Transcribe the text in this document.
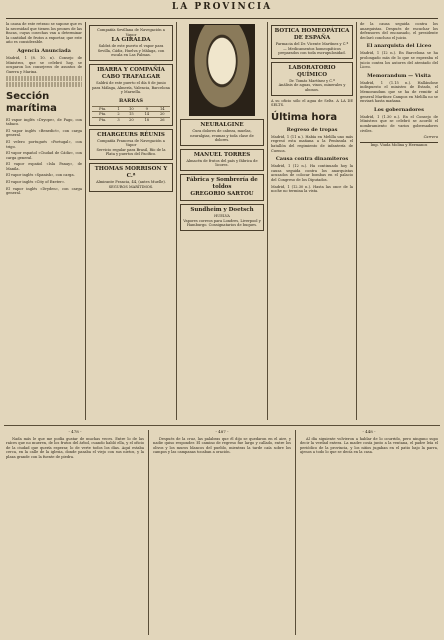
LA PROVINCIA

la causa de este retraso se supone que es la necesidad que tienen los peones de las fincas, cuyas cosechas van a determinar la cantidad de frutos a exportar, que este año es considerable.

Agencia Anunciada

Madrid, 1 (8. 10. n). Consejo de Ministros, que se celebró hoy, se ocuparon los consejeros de asuntos de Guerra y Marina.

Sección marítima

El vapor inglés «Dryope», de Pago, con tabaco.

El vapor inglés «Benedict», con carga general.

El velero portugués «Portugal», con trigo.

El vapor español «Ciudad de Cádiz», con carga general.

El vapor español «Isla Panay», de Manila.

El vapor inglés «Spanish», con carga.

El vapor inglés «City of Exeter».

El vapor inglés «Dryden», con carga general.

Compañía Sevillana de Navegación a Vapor
LA GIRALDA
Saldrá de este puerto el vapor para Sevilla, Cádiz, Huelva y Málaga, con escala en Las Palmas.
IBARRA Y COMPAÑÍA
CABO TRAFALGAR
Saldrá de este puerto el día 8 de junio para Málaga, Almería, Valencia, Barcelona y Marsella.
BARRAS
Pta.	1	10	9	14
Pta.	2	15	14	20
Pta.	3	20	18	26
CHARGEURS RÉUNIS
Compañía Francesa de Navegación a Vapor
Servicio regular para Brasil, Río de la Plata y puertos del Pacífico.
THOMAS MORRISON Y C.ª
Almirante Francia, 44, (antes Muelle). SEGUROS MARÍTIMOS.
NEURALGINE
Cura dolores de cabeza, muelas, neuralgias, reumas y toda clase de dolores.
MANUEL TORRES
Almacén de frutos del país y fábrica de licores.
Fábrica y Sombrería de toldos
GREGORIO SARTOU
Sundheim y Doetsch
HUELVA
Vapores correos para Londres, Liverpool y Hamburgo. Consignatarios de buques.
BOTICA HOMEOPÁTICA DE ESPAÑA
Farmacia del Dr. Vicente Martínez y C.ª — Medicamentos homeopáticos preparados con toda escrupulosidad.
LABORATORIO QUÍMICO
Dr. Tomás Martínez y C.ª
Análisis de aguas, vinos, minerales y abonos.

A su oficio sólo el agua de Seltz. A LA DE SELTS.

Última hora
Regreso de tropas

Madrid, 1 (11 n.). Había en Melilla uno más regresó esta mañana a la Península el batallón del regimiento de infantería de Cuenca.

Causa contra dinamiteros

Madrid, 1 (12 n.). Ha continuado hoy la causa seguida contra los anarquistas acusados de colocar bombas en el palacio del Congreso de los Diputados.

Madrid, 1 (12.30 n.). Hasta las once de la noche no termina la vista.

de la causa seguida contra los anarquistas. Después de escuchar los defensores del encausado, el presidente declaró concluso el juicio.

El anarquista del Liceo

Madrid, 1 (12 n.). En Barcelona se ha prolongado más de lo que se esperaba el juicio contra los autores del atentado del Liceo.

Memorandum — Visita

Madrid, 1 (1.15 n.). Hallándose indispuesto el ministro de Estado, el Memorandum que se ha de remitir al general Martínez Campos en Melilla no se enviará hasta mañana.

Los gobernadores

Madrid, 1 (1.30 n.). En el Consejo de Ministros que se celebró se acordó el nombramiento de varios gobernadores civiles.

Carrera

Imp. Viuda Molina y Hermanos

- 478 -

Nada más le que me podía gustar de muchas veces. Entre lo de las raíces que no mueren, de los frutos del árbol, cuando habló ella, y el oficio de la ciudad que quería esperar, lo de verte todos los días. Aquí estaba cerca, en la calle de la iglesia, donde pasaba el viejo con sus nietos, y la plaza grande con la fuente de piedra.

- 487 -

Después de la cruz, las palabras que él dijo se quedaron en el aire, y nadie quiso responder. El camino de regreso fue largo y callado, entre los olivos y los muros blancos del pueblo, mientras la tarde caía sobre los campos y las campanas tocaban a oración.

- 448 -

Al día siguiente volvieron a hablar de lo ocurrido, pero ninguno supo decir la verdad entera. La madre cosía junto a la ventana, el padre leía el periódico de la provincia, y los niños jugaban en el patio bajo la parra, ajenos a todo lo que se decía en la casa.
